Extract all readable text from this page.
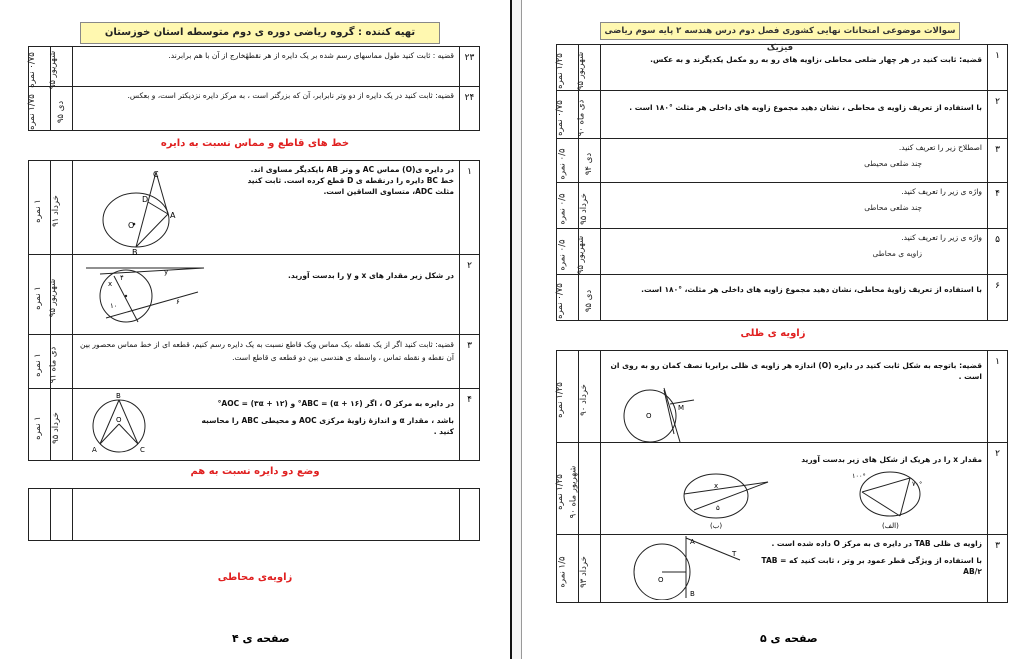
تهیه کننده : گروه ریاضی دوره ی دوم متوسطه استان خوزستان
۰/۷۵ نمره	شهریور ۹۵	قضیه : ثابت کنید طول مماسهای رسم شده بر یک دایره از هر نقطهٔخارج از آن با هم برابرند.	۲۳
۱/۷۵ نمره	دی ۹۵	قضیه: ثابت کنید در یک دایره از دو وتر نابرابر، آن که بزرگتر است ، به مرکز دایره نزدیکتر است، و بعکس.	۲۴
خط های قاطع و مماس نسبت به دایره
۱ نمره	خرداد ۹۱	در دایره ی(O) مماس AC و وتر AB بایکدیگر مساوی اند. خط BC دایره را درنقطه ی D قطع کرده است. ثابت کنید مثلث ADC، متساوی الساقین است.	۱
۱ نمره	شهریور ۹۵	در شکل زیر مقدار های x و y را بدست آورید.	۲
۱ نمره	دی ماه ۹۱	قضیه: ثابت کنید اگر از یک نقطه ،یک مماس ویک قاطع نسبت به یک دایره رسم کنیم، قطعه ای از خط مماس محصور بین آن نقطه و نقطه تماس ، واسطه ی هندسی بین دو قطعه ی قاطع است.	۳
۱ نمره	خرداد ۹۵	در دایره به مرکز O ، اگر ABC = (α + ۱۶)° و AOC = (۳α + ۱۲)°
باشد ، مقدار α و اندازهٔ زاویهٔ مرکزی AOC و محیطی ABC را محاسبه کنید .	۴
C
D
A
B
O
x
۴
y
۶
۱۰
B
O
A	C
وضع دو دایره نسبت به هم

زاویه‌ی محاطی
صفحه ی ۴
سوالات موضوعی امتحانات نهایی کشوری فصل دوم درس هندسه ۲ پایه سوم ریاضی فیزیک
۱/۲۵ نمره	شهریور ۹۵	قضیه: ثابت کنید در هر چهار ضلعی محاطی ،زاویه های رو به رو مکمل یکدیگرند و به عکس.	۱
۰/۷۵ نمره	دی ماه ۹۰	با استفاده از تعریف زاویه ی محاطی ، نشان دهید مجموع زاویه های داخلی هر مثلث °۱۸۰ است .	۲
۰/۵ نمره	دی ۹۴	اصطلاح زیر را تعریف کنید.
چند ضلعی محیطی	۳
۰/۵ نمره	خرداد ۹۵	واژه ی زیر را تعریف کنید.
چند ضلعی محاطی	۴
۰/۵ نمره	شهریور ۹۵	واژه ی زیر را تعریف کنید.
زاویه ی محاطی	۵
۰/۷۵ نمره	دی ۹۵	با استفاده از تعریف زاویهٔ محاطی، نشان دهید مجموع زاویه های داخلی هر مثلث، °۱۸۰ است.	۶
زاویه ی ظلی
۱/۲۵ نمره	خرداد ۹۰	قضیه: باتوجه به شکل ثابت کنید در دایره (O) اندازه هر زاویه ی ظلی برابربا نصف کمان رو به روی ان است .	۱
۱/۲۵ نمره	شهریور ماه ۹۰	مقدار x را در هریک از شکل های زیر بدست آورید	۲
۱/۵ نمره	خرداد ۹۳	زاویه ی ظلی TAB در دایره ی به مرکز O داده شده است .
با استفاده از ویژگی قطر عمود بر وتر ، ثابت کنید که TAB = AB/۲	۳
O
M
x
۵
(ب)
۱۰۰°
۷۰°
(الف)
O
A
B
T
صفحه ی ۵
